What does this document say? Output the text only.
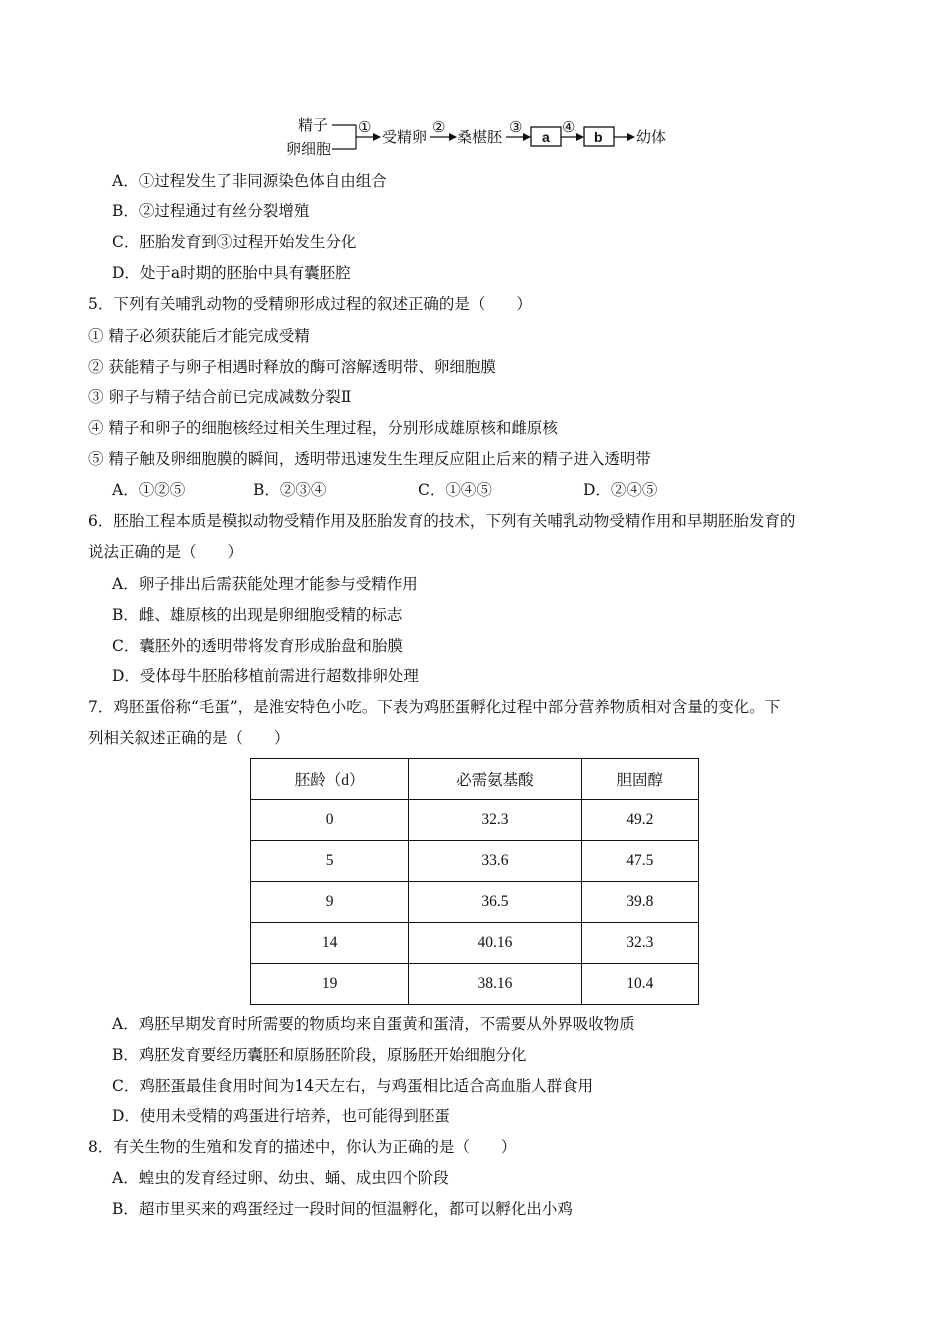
精子
卵细胞
①
受精卵
②
桑椹胚
③
a
④
b 幼体
A．①过程发生了非同源染色体自由组合
B．②过程通过有丝分裂增殖
C．胚胎发育到③过程开始发生分化
D．处于a时期的胚胎中具有囊胚腔
5．下列有关哺乳动物的受精卵形成过程的叙述正确的是（　　）
① 精子必须获能后才能完成受精
② 获能精子与卵子相遇时释放的酶可溶解透明带、卵细胞膜
③ 卵子与精子结合前已完成减数分裂Ⅱ
④ 精子和卵子的细胞核经过相关生理过程，分别形成雄原核和雌原核
⑤ 精子触及卵细胞膜的瞬间，透明带迅速发生生理反应阻止后来的精子进入透明带
A．①②⑤	B．②③④	C．①④⑤	D．②④⑤
6．胚胎工程本质是模拟动物受精作用及胚胎发育的技术，下列有关哺乳动物受精作用和早期胚胎发育的
说法正确的是（　　）
A．卵子排出后需获能处理才能参与受精作用
B．雌、雄原核的出现是卵细胞受精的标志
C．囊胚外的透明带将发育形成胎盘和胎膜
D．受体母牛胚胎移植前需进行超数排卵处理
7．鸡胚蛋俗称“毛蛋”，是淮安特色小吃。下表为鸡胚蛋孵化过程中部分营养物质相对含量的变化。下
列相关叙述正确的是（　　）
胚龄（d）	必需氨基酸	胆固醇
0	32.3	49.2
5	33.6	47.5
9	36.5	39.8
14	40.16	32.3
19	38.16	10.4
A．鸡胚早期发育时所需要的物质均来自蛋黄和蛋清，不需要从外界吸收物质
B．鸡胚发育要经历囊胚和原肠胚阶段，原肠胚开始细胞分化
C．鸡胚蛋最佳食用时间为14天左右，与鸡蛋相比适合高血脂人群食用
D．使用未受精的鸡蛋进行培养，也可能得到胚蛋
8．有关生物的生殖和发育的描述中，你认为正确的是（　　）
A．蝗虫的发育经过卵、幼虫、蛹、成虫四个阶段
B．超市里买来的鸡蛋经过一段时间的恒温孵化，都可以孵化出小鸡
